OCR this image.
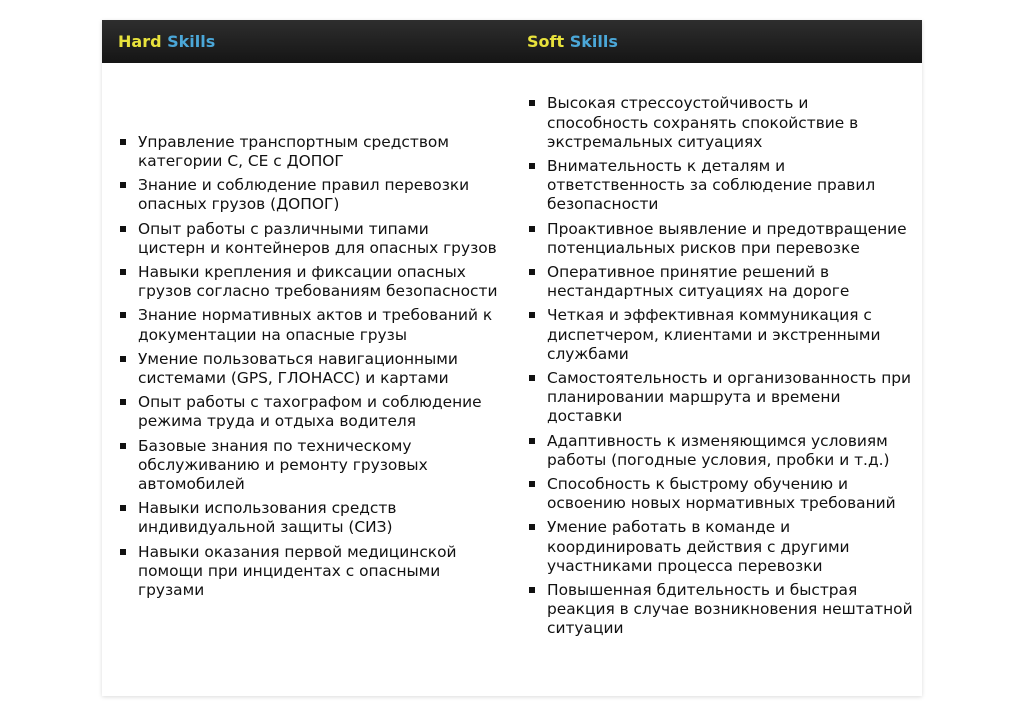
Hard Skills	Soft Skills
Управление транспортным средством категории C, CE с ДОПОГ
Знание и соблюдение правил перевозки опасных грузов (ДОПОГ)
Опыт работы с различными типами цистерн и контейнеров для опасных грузов
Навыки крепления и фиксации опасных грузов согласно требованиям безопасности
Знание нормативных актов и требований к документации на опасные грузы
Умение пользоваться навигационными системами (GPS, ГЛОНАСС) и картами
Опыт работы с тахографом и соблюдение режима труда и отдыха водителя
Базовые знания по техническому обслуживанию и ремонту грузовых автомобилей
Навыки использования средств индивидуальной защиты (СИЗ)
Навыки оказания первой медицинской помощи при инцидентах с опасными грузами
Высокая стрессоустойчивость и способность сохранять спокойствие в экстремальных ситуациях
Внимательность к деталям и ответственность за соблюдение правил безопасности
Проактивное выявление и предотвращение потенциальных рисков при перевозке
Оперативное принятие решений в нестандартных ситуациях на дороге
Четкая и эффективная коммуникация с диспетчером, клиентами и экстренными службами
Самостоятельность и организованность при планировании маршрута и времени доставки
Адаптивность к изменяющимся условиям работы (погодные условия, пробки и т.д.)
Способность к быстрому обучению и освоению новых нормативных требований
Умение работать в команде и координировать действия с другими участниками процесса перевозки
Повышенная бдительность и быстрая реакция в случае возникновения нештатной ситуации
